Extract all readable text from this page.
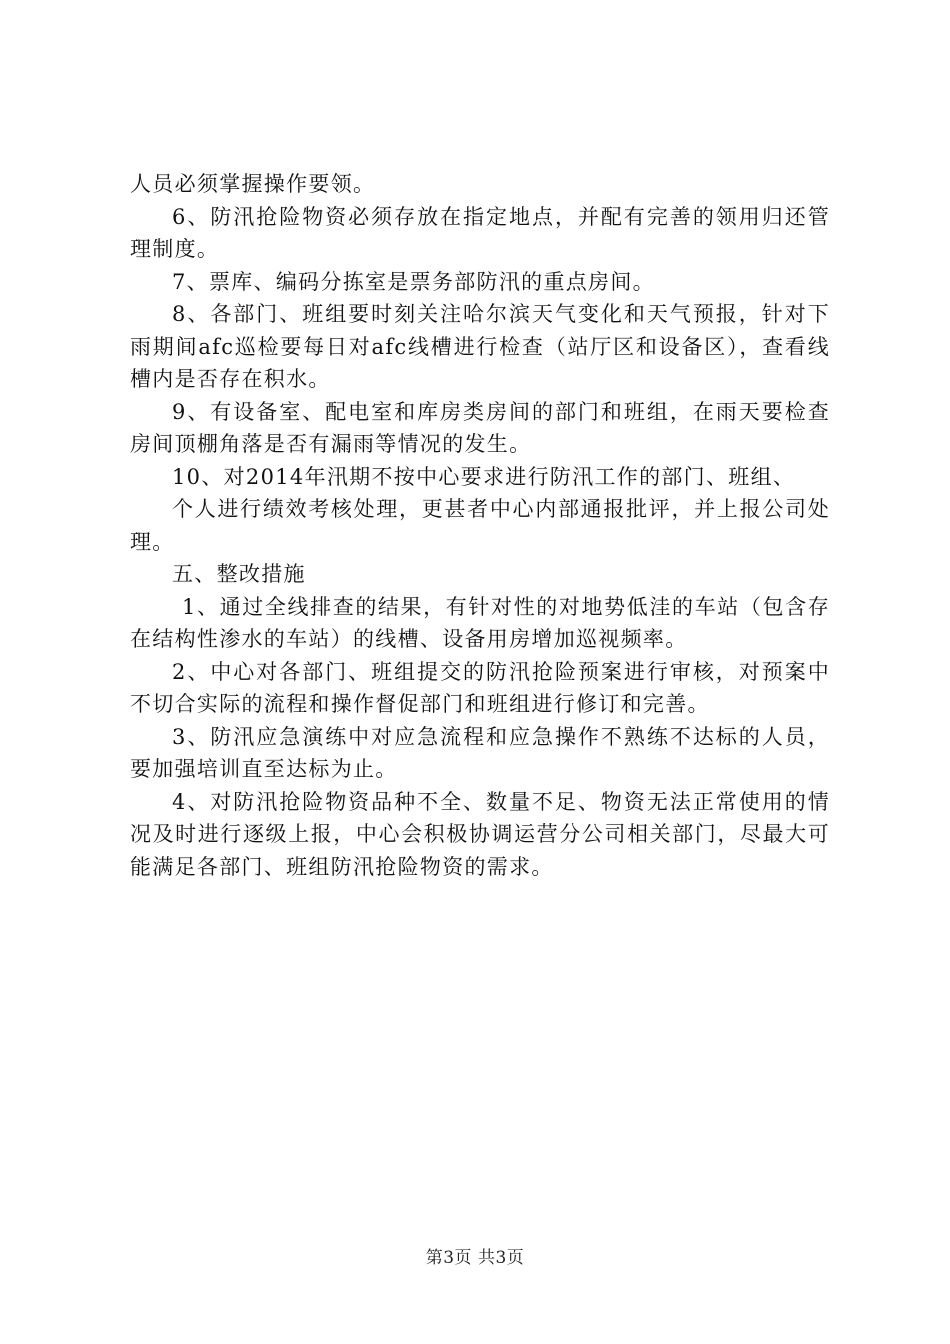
人员必须掌握操作要领。

6、防汛抢险物资必须存放在指定地点，并配有完善的领用归还管理制度。

7、票库、编码分拣室是票务部防汛的重点房间。

8、各部门、班组要时刻关注哈尔滨天气变化和天气预报，针对下雨期间afc巡检要每日对afc线槽进行检查（站厅区和设备区），查看线槽内是否存在积水。

9、有设备室、配电室和库房类房间的部门和班组，在雨天要检查房间顶棚角落是否有漏雨等情况的发生。

10、对2014年汛期不按中心要求进行防汛工作的部门、班组、

个人进行绩效考核处理，更甚者中心内部通报批评，并上报公司处理。

五、整改措施

1、通过全线排查的结果，有针对性的对地势低洼的车站（包含存在结构性渗水的车站）的线槽、设备用房增加巡视频率。

2、中心对各部门、班组提交的防汛抢险预案进行审核，对预案中不切合实际的流程和操作督促部门和班组进行修订和完善。

3、防汛应急演练中对应急流程和应急操作不熟练不达标的人员，要加强培训直至达标为止。

4、对防汛抢险物资品种不全、数量不足、物资无法正常使用的情况及时进行逐级上报，中心会积极协调运营分公司相关部门，尽最大可能满足各部门、班组防汛抢险物资的需求。

第3页 共3页
